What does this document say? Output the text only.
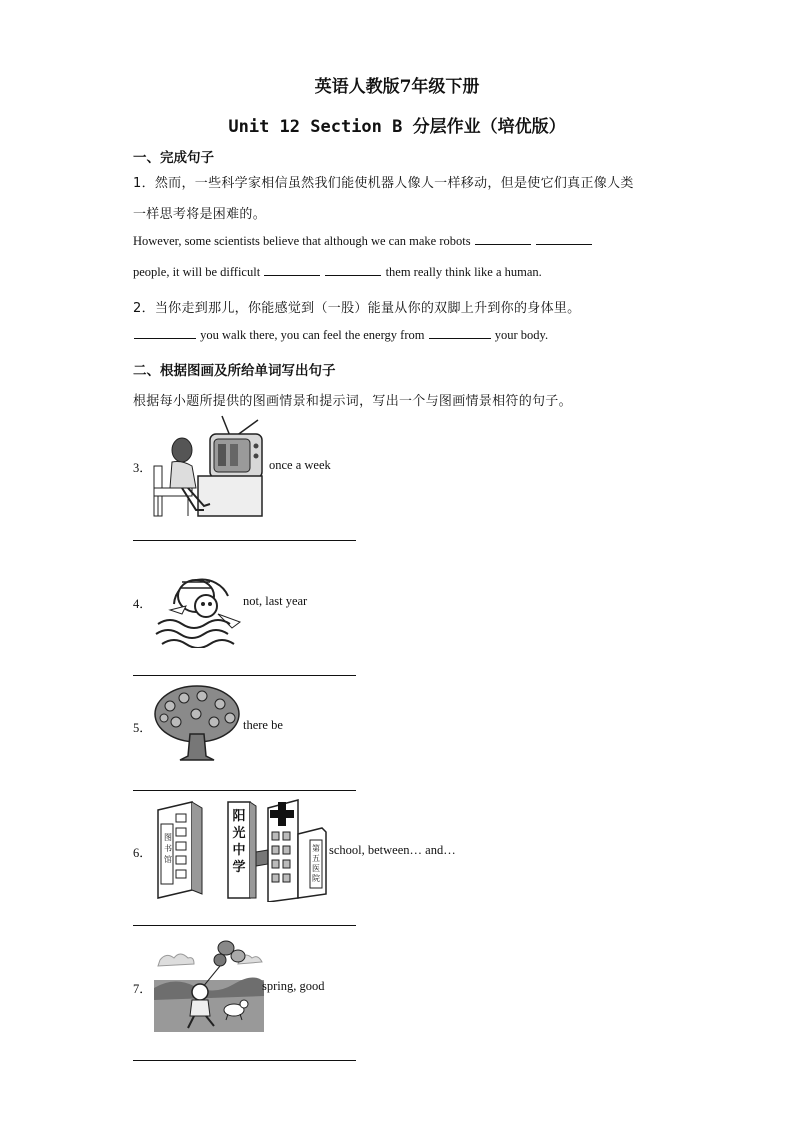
英语人教版7年级下册
Unit 12 Section B 分层作业（培优版）
一、完成句子
1．然而，一些科学家相信虽然我们能使机器人像人一样移动，但是使它们真正像人类
一样思考将是困难的。
However, some scientists believe that although we can make robots
people, it will be difficult	them really think like a human.
2．当你走到那儿，你能感觉到（一股）能量从你的双脚上升到你的身体里。
you walk there, you can feel the energy from	your body.
二、根据图画及所给单词写出句子
根据每小题所提供的图画情景和提示词，写出一个与图画情景相符的句子。
3．	once a week
4．	not, last year
5．	there be
6．
图书馆
阳光中学
第五医院
school, between… and…
7．	spring, good
